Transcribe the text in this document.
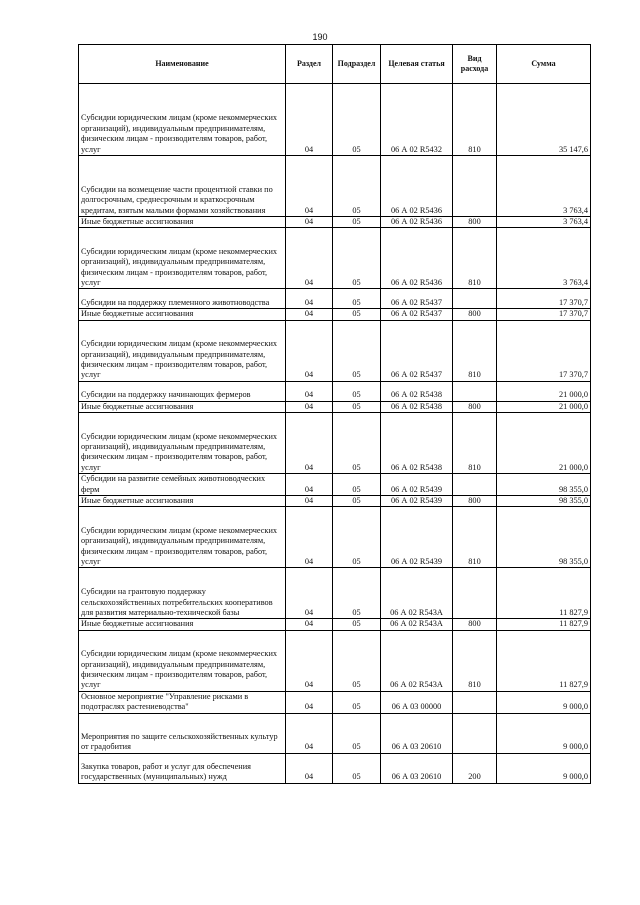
190
Наименование	Раздел	Подраздел	Целевая статья	Вид расхода	Сумма
Субсидии юридическим лицам (кроме некоммерческих организаций), индивидуальным предпринимателям, физическим лицам - производителям товаров, работ, услуг	04	05	06 А 02 R5432	810	35 147,6
Субсидии на возмещение части процентной ставки по долгосрочным, среднесрочным и краткосрочным кредитам, взятым малыми формами хозяйствования	04	05	06 А 02 R5436		3 763,4
Иные бюджетные ассигнования	04	05	06 А 02 R5436	800	3 763,4
Субсидии юридическим лицам (кроме некоммерческих организаций), индивидуальным предпринимателям, физическим лицам - производителям товаров, работ, услуг	04	05	06 А 02 R5436	810	3 763,4
Субсидии на поддержку племенного животноводства	04	05	06 А 02 R5437		17 370,7
Иные бюджетные ассигнования	04	05	06 А 02 R5437	800	17 370,7
Субсидии юридическим лицам (кроме некоммерческих организаций), индивидуальным предпринимателям, физическим лицам - производителям товаров, работ, услуг	04	05	06 А 02 R5437	810	17 370,7
Субсидии на поддержку начинающих фермеров	04	05	06 А 02 R5438		21 000,0
Иные бюджетные ассигнования	04	05	06 А 02 R5438	800	21 000,0
Субсидии юридическим лицам (кроме некоммерческих организаций), индивидуальным предпринимателям, физическим лицам - производителям товаров, работ, услуг	04	05	06 А 02 R5438	810	21 000,0
Субсидии на развитие семейных животноводческих ферм	04	05	06 А 02 R5439		98 355,0
Иные бюджетные ассигнования	04	05	06 А 02 R5439	800	98 355,0
Субсидии юридическим лицам (кроме некоммерческих организаций), индивидуальным предпринимателям, физическим лицам - производителям товаров, работ, услуг	04	05	06 А 02 R5439	810	98 355,0
Субсидии на грантовую поддержку сельскохозяйственных потребительских кооперативов для развития материально-технической базы	04	05	06 А 02 R543А		11 827,9
Иные бюджетные ассигнования	04	05	06 А 02 R543А	800	11 827,9
Субсидии юридическим лицам (кроме некоммерческих организаций), индивидуальным предпринимателям, физическим лицам - производителям товаров, работ, услуг	04	05	06 А 02 R543А	810	11 827,9
Основное мероприятие "Управление рисками в подотраслях растениеводства"	04	05	06 А 03 00000		9 000,0
Мероприятия по защите сельскохозяйственных культур от градобития	04	05	06 А 03 20610		9 000,0
Закупка товаров, работ и услуг для обеспечения государственных (муниципальных) нужд	04	05	06 А 03 20610	200	9 000,0
